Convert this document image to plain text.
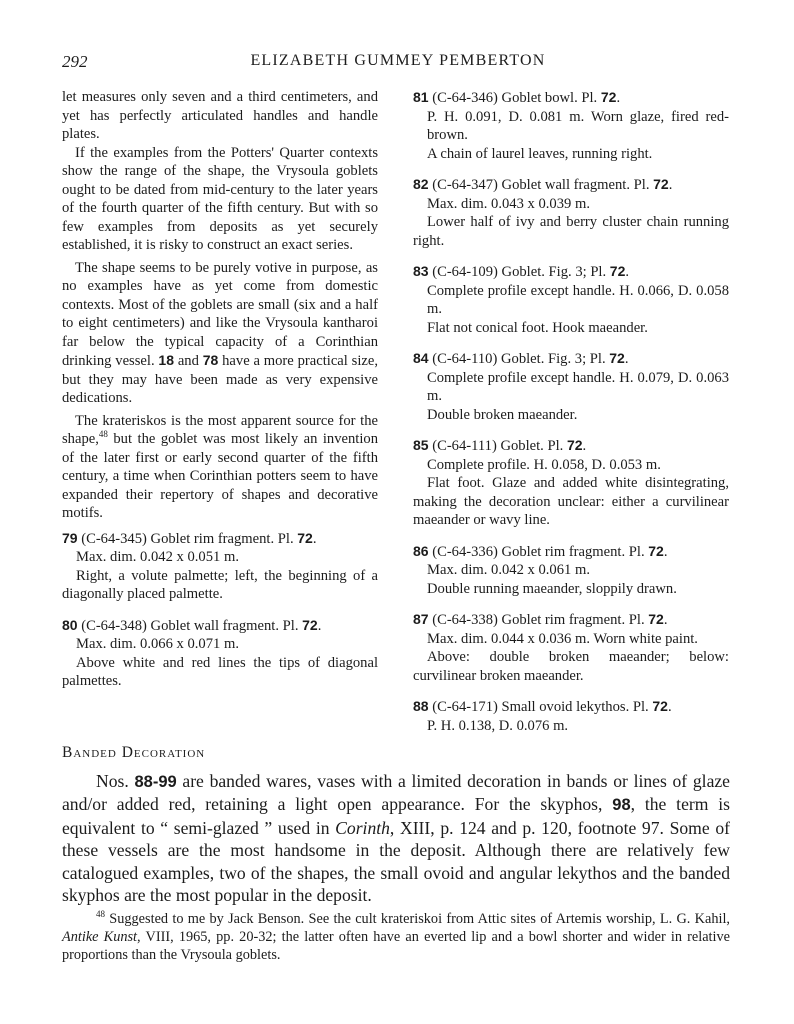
292	ELIZABETH GUMMEY PEMBERTON

let measures only seven and a third centimeters, and yet has perfectly articulated handles and handle plates.

If the examples from the Potters' Quarter contexts show the range of the shape, the Vrysoula goblets ought to be dated from mid-century to the later years of the fourth quarter of the fifth century. But with so few examples from deposits as yet securely established, it is risky to construct an exact series.

The shape seems to be purely votive in purpose, as no examples have as yet come from domestic contexts. Most of the goblets are small (six and a half to eight centimeters) and like the Vrysoula kantharoi far below the typical capacity of a Corinthian drinking vessel. 18 and 78 have a more practical size, but they may have been made as very expensive dedications.

The krateriskos is the most apparent source for the shape,$^{48}$ but the goblet was most likely an invention of the later first or early second quarter of the fifth century, a time when Corinthian potters seem to have expanded their repertory of shapes and decorative motifs.

79 (C-64-345) Goblet rim fragment. Pl. 72.

Max. dim. 0.042 x 0.051 m.

Right, a volute palmette; left, the beginning of a diagonally placed palmette.

80 (C-64-348) Goblet wall fragment. Pl. 72.

Max. dim. 0.066 x 0.071 m.

Above white and red lines the tips of diagonal palmettes.

81 (C-64-346) Goblet bowl. Pl. 72.

P. H. 0.091, D. 0.081 m. Worn glaze, fired red-brown.

A chain of laurel leaves, running right.

82 (C-64-347) Goblet wall fragment. Pl. 72.

Max. dim. 0.043 x 0.039 m.

Lower half of ivy and berry cluster chain running right.

83 (C-64-109) Goblet. Fig. 3; Pl. 72.

Complete profile except handle. H. 0.066, D. 0.058 m.

Flat not conical foot. Hook maeander.

84 (C-64-110) Goblet. Fig. 3; Pl. 72.

Complete profile except handle. H. 0.079, D. 0.063 m.

Double broken maeander.

85 (C-64-111) Goblet. Pl. 72.

Complete profile. H. 0.058, D. 0.053 m.

Flat foot. Glaze and added white disintegrating, making the decoration unclear: either a curvilinear maeander or wavy line.

86 (C-64-336) Goblet rim fragment. Pl. 72.

Max. dim. 0.042 x 0.061 m.

Double running maeander, sloppily drawn.

87 (C-64-338) Goblet rim fragment. Pl. 72.

Max. dim. 0.044 x 0.036 m. Worn white paint.

Above: double broken maeander; below: curvilinear broken maeander.

88 (C-64-171) Small ovoid lekythos. Pl. 72.

P. H. 0.138, D. 0.076 m.

Banded Decoration

Nos. 88-99 are banded wares, vases with a limited decoration in bands or lines of glaze and/or added red, retaining a light open appearance. For the skyphos, 98, the term is equivalent to “ semi-glazed ” used in Corinth, XIII, p. 124 and p. 120, footnote 97. Some of these vessels are the most handsome in the deposit. Although there are relatively few catalogued examples, two of the shapes, the small ovoid and angular lekythos and the banded skyphos are the most popular in the deposit.

$^{48}$ Suggested to me by Jack Benson. See the cult krateriskoi from Attic sites of Artemis worship, L. G. Kahil, Antike Kunst, VIII, 1965, pp. 20-32; the latter often have an everted lip and a bowl shorter and wider in relative proportions than the Vrysoula goblets.
